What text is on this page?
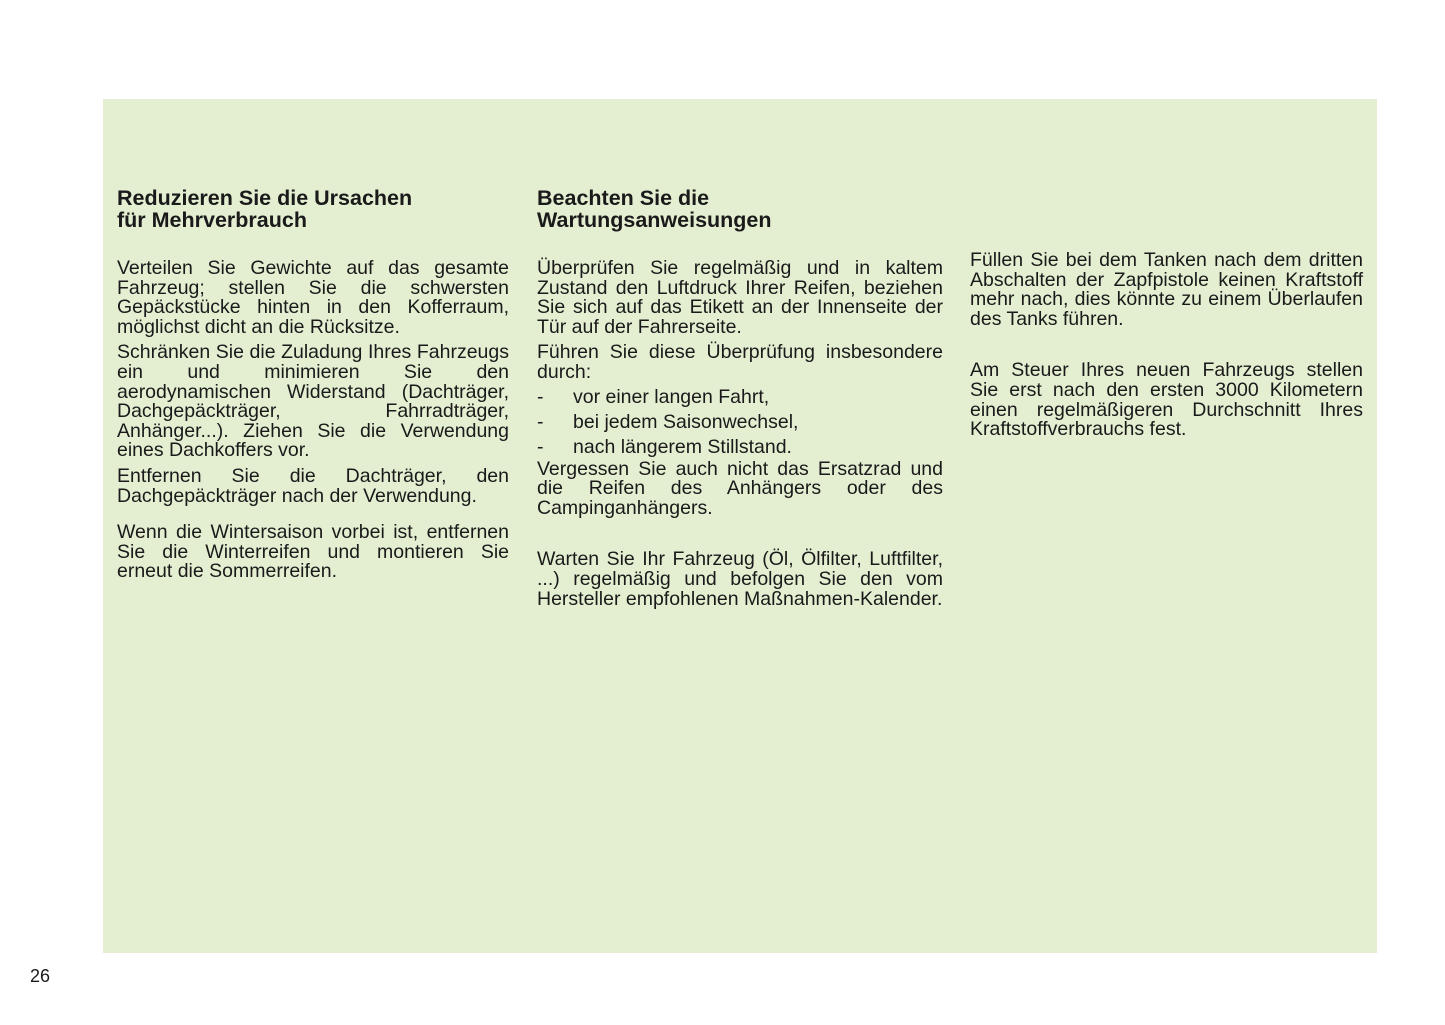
Reduzieren Sie die Ursachen
für Mehrverbrauch

Verteilen Sie Gewichte auf das gesamte Fahrzeug; stellen Sie die schwersten Gepäckstücke hinten in den Kofferraum, möglichst dicht an die Rücksitze.

Schränken Sie die Zuladung Ihres Fahrzeugs ein und minimieren Sie den aerodynamischen Widerstand (Dachträger, Dachgepäckträger, Fahrradträger, Anhänger...). Ziehen Sie die Verwendung eines Dachkoffers vor.

Entfernen Sie die Dachträger, den Dachgepäckträger nach der Verwendung.

Wenn die Wintersaison vorbei ist, entfernen Sie die Winterreifen und montieren Sie erneut die Sommerreifen.

Beachten Sie die
Wartungsanweisungen

Überprüfen Sie regelmäßig und in kaltem Zustand den Luftdruck Ihrer Reifen, beziehen Sie sich auf das Etikett an der Innenseite der Tür auf der Fahrerseite.

Führen Sie diese Überprüfung insbesondere durch:

- vor einer langen Fahrt,
- bei jedem Saisonwechsel,
- nach längerem Stillstand.

Vergessen Sie auch nicht das Ersatzrad und die Reifen des Anhängers oder des Campinganhängers.

Warten Sie Ihr Fahrzeug (Öl, Ölfilter, Luftfilter, ...) regelmäßig und befolgen Sie den vom Hersteller empfohlenen Maßnahmen-Kalender.

Füllen Sie bei dem Tanken nach dem dritten Abschalten der Zapfpistole keinen Kraftstoff mehr nach, dies könnte zu einem Überlaufen des Tanks führen.

Am Steuer Ihres neuen Fahrzeugs stellen Sie erst nach den ersten 3000 Kilometern einen regelmäßigeren Durchschnitt Ihres Kraftstoffverbrauchs fest.

26
